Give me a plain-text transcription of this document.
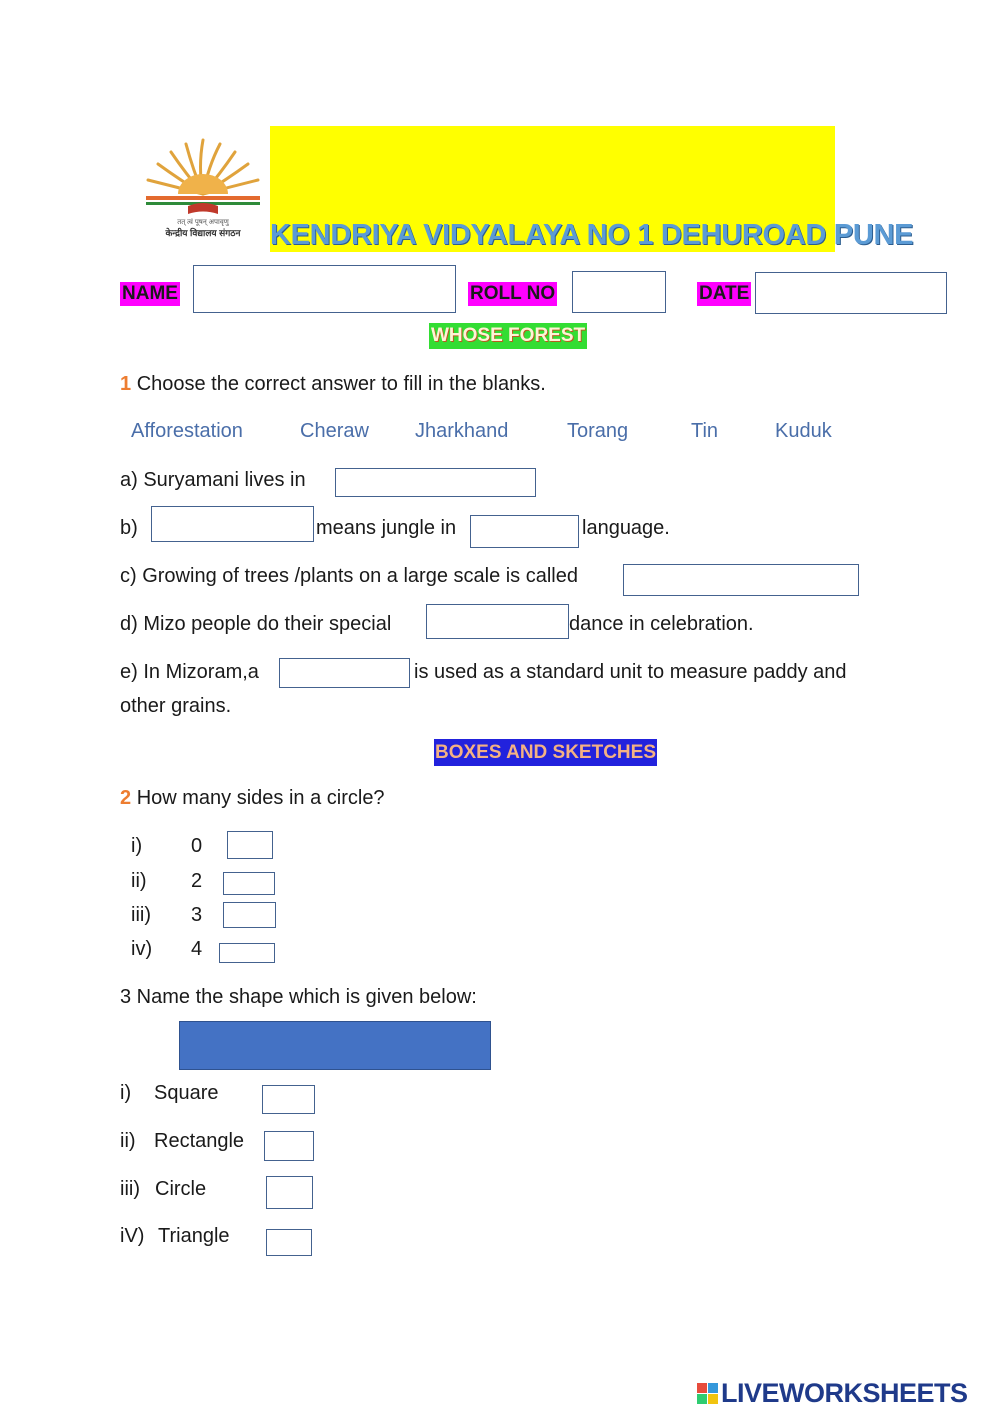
तत् त्वं पूषन् अपावृणु
केन्द्रीय विद्यालय संगठन	KENDRIYA VIDYALAYA NO 1 DEHUROAD PUNE
NAME	ROLL NO	DATE
WHOSE FOREST
1 Choose the correct answer to fill in the blanks.
Afforestation	Cheraw Jharkhand	Torang	Tin	Kuduk
a) Suryamani lives in
b)	means jungle in	language.
c) Growing of trees /plants on a large scale is called
d) Mizo people do their special	dance in celebration.
e) In Mizoram,a	is used as a standard unit to measure paddy and
other grains.
BOXES AND SKETCHES
2 How many sides in a circle?
i) 0
ii) 2
iii) 3
iv) 4
3 Name the shape which is given below:
i) Square
ii) Rectangle
iii) Circle
iV) Triangle
LIVEWORKSHEETS
